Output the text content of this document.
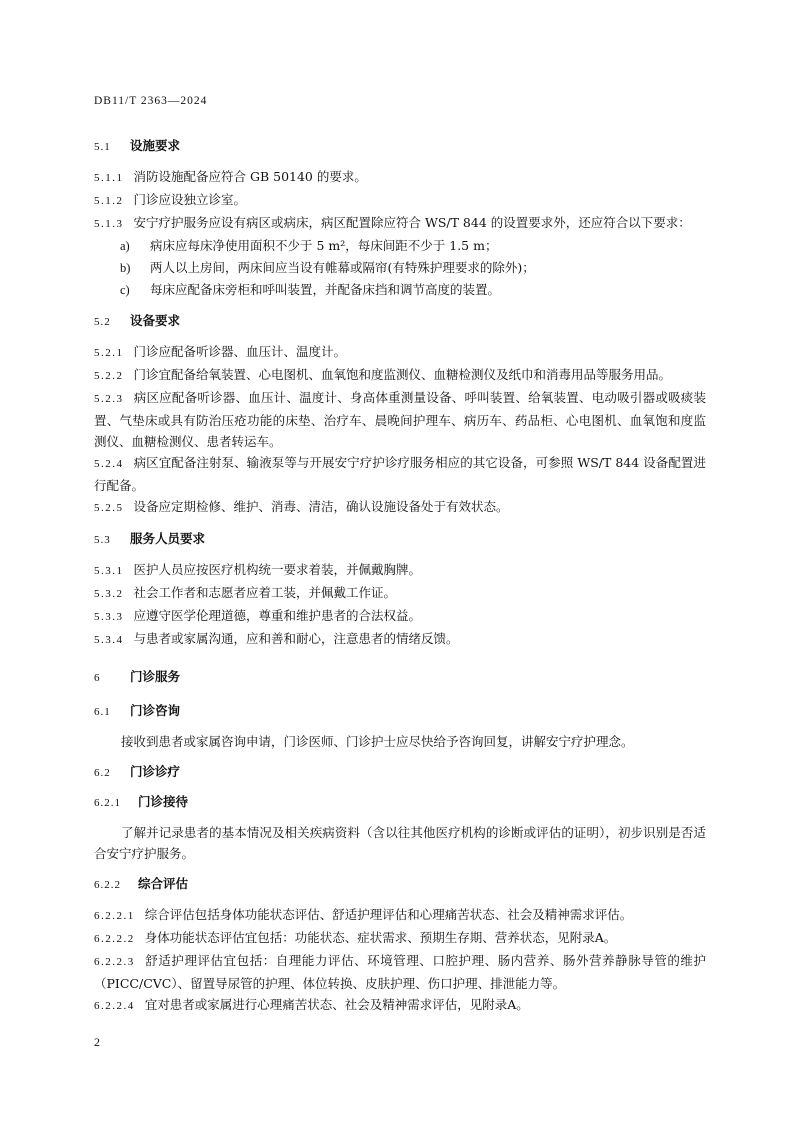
DB11/T 2363—2024

5.1 设施要求

5.1.1 消防设施配备应符合 GB 50140 的要求。

5.1.2 门诊应设独立诊室。

5.1.3 安宁疗护服务应设有病区或病床，病区配置除应符合 WS/T 844 的设置要求外，还应符合以下要求：

a) 病床应每床净使用面积不少于 5 m²，每床间距不少于 1.5 m；

b) 两人以上房间，两床间应当设有帷幕或隔帘(有特殊护理要求的除外)；

c) 每床应配备床旁柜和呼叫装置，并配备床挡和调节高度的装置。

5.2 设备要求

5.2.1 门诊应配备听诊器、血压计、温度计。

5.2.2 门诊宜配备给氧装置、心电图机、血氧饱和度监测仪、血糖检测仪及纸巾和消毒用品等服务用品。

5.2.3 病区应配备听诊器、血压计、温度计、身高体重测量设备、呼叫装置、给氧装置、电动吸引器或吸痰装置、气垫床或具有防治压疮功能的床垫、治疗车、晨晚间护理车、病历车、药品柜、心电图机、血氧饱和度监测仪、血糖检测仪、患者转运车。

5.2.4 病区宜配备注射泵、输液泵等与开展安宁疗护诊疗服务相应的其它设备，可参照 WS/T 844 设备配置进行配备。

5.2.5 设备应定期检修、维护、消毒、清洁，确认设施设备处于有效状态。

5.3 服务人员要求

5.3.1 医护人员应按医疗机构统一要求着装，并佩戴胸牌。

5.3.2 社会工作者和志愿者应着工装，并佩戴工作证。

5.3.3 应遵守医学伦理道德，尊重和维护患者的合法权益。

5.3.4 与患者或家属沟通，应和善和耐心，注意患者的情绪反馈。

6 门诊服务

6.1 门诊咨询

接收到患者或家属咨询申请，门诊医师、门诊护士应尽快给予咨询回复，讲解安宁疗护理念。

6.2 门诊诊疗

6.2.1 门诊接待

了解并记录患者的基本情况及相关疾病资料（含以往其他医疗机构的诊断或评估的证明），初步识别是否适合安宁疗护服务。

6.2.2 综合评估

6.2.2.1 综合评估包括身体功能状态评估、舒适护理评估和心理痛苦状态、社会及精神需求评估。

6.2.2.2 身体功能状态评估宜包括：功能状态、症状需求、预期生存期、营养状态，见附录A。

6.2.2.3 舒适护理评估宜包括：自理能力评估、环境管理、口腔护理、肠内营养、肠外营养静脉导管的维护（PICC/CVC）、留置导尿管的护理、体位转换、皮肤护理、伤口护理、排泄能力等。

6.2.2.4 宜对患者或家属进行心理痛苦状态、社会及精神需求评估，见附录A。

2
